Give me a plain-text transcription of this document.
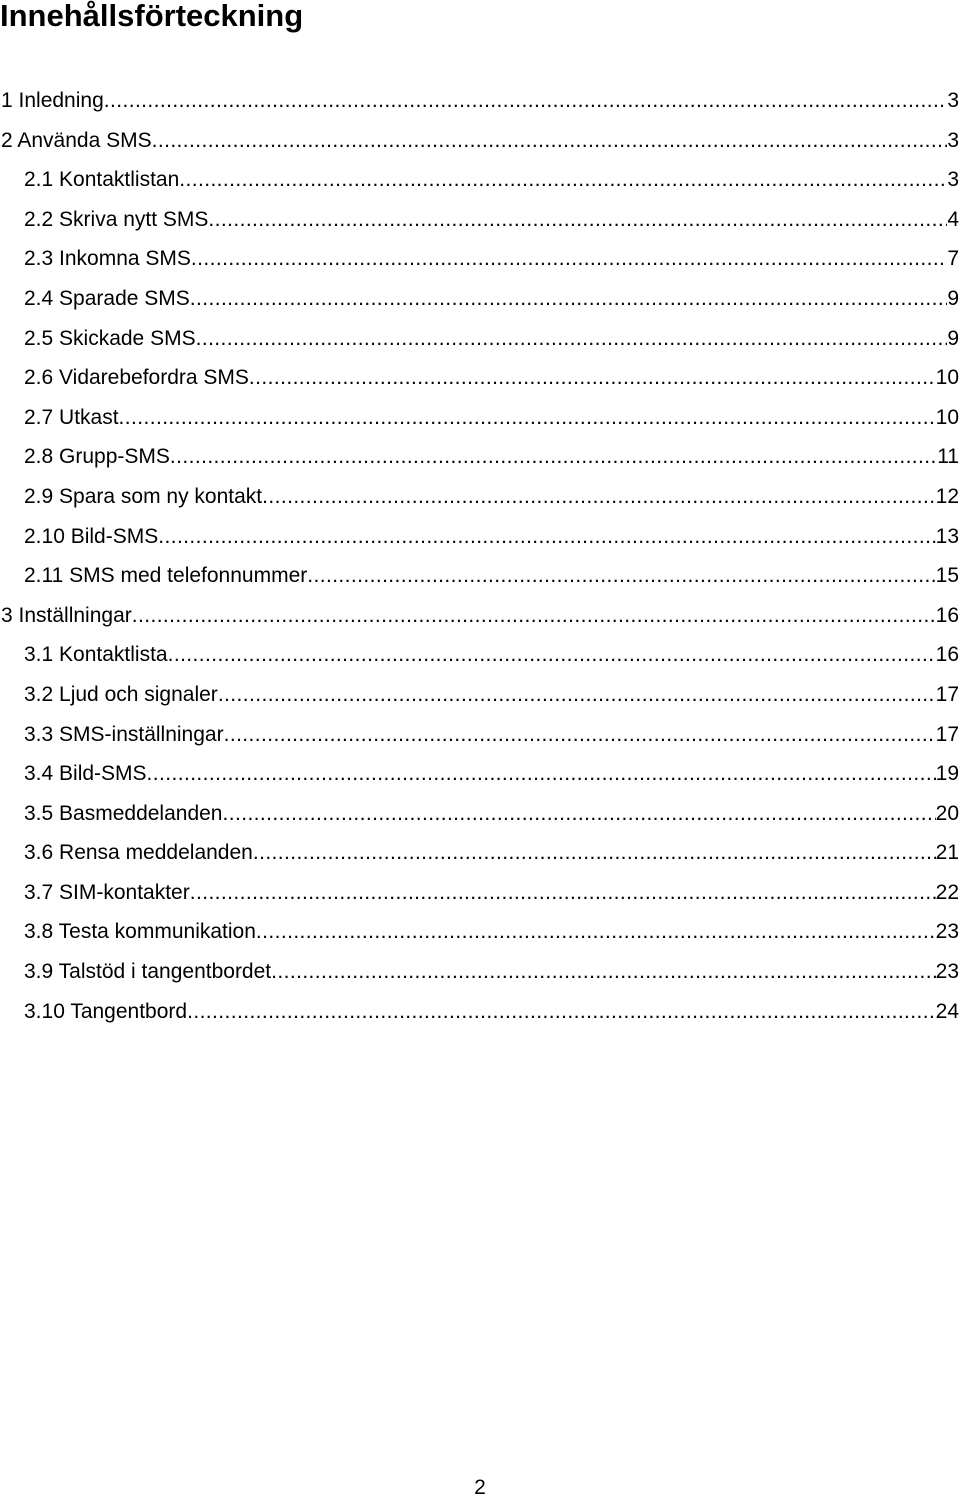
Innehållsförteckning
1 Inledning .....	3
2 Använda SMS .....	3
2.1 Kontaktlistan .....	3
2.2 Skriva nytt SMS .....	4
2.3 Inkomna SMS .....	7
2.4 Sparade SMS .....	9
2.5 Skickade SMS .....	9
2.6 Vidarebefordra SMS .....	10
2.7 Utkast .....	10
2.8 Grupp-SMS .....	11
2.9 Spara som ny kontakt .....	12
2.10 Bild-SMS .....	13
2.11 SMS med telefonnummer .....	15
3 Inställningar .....	16
3.1 Kontaktlista .....	16
3.2 Ljud och signaler .....	17
3.3 SMS-inställningar .....	17
3.4 Bild-SMS .....	19
3.5 Basmeddelanden .....	20
3.6 Rensa meddelanden .....	21
3.7 SIM-kontakter .....	22
3.8 Testa kommunikation .....	23
3.9 Talstöd i tangentbordet .....	23
3.10 Tangentbord .....	24
2
